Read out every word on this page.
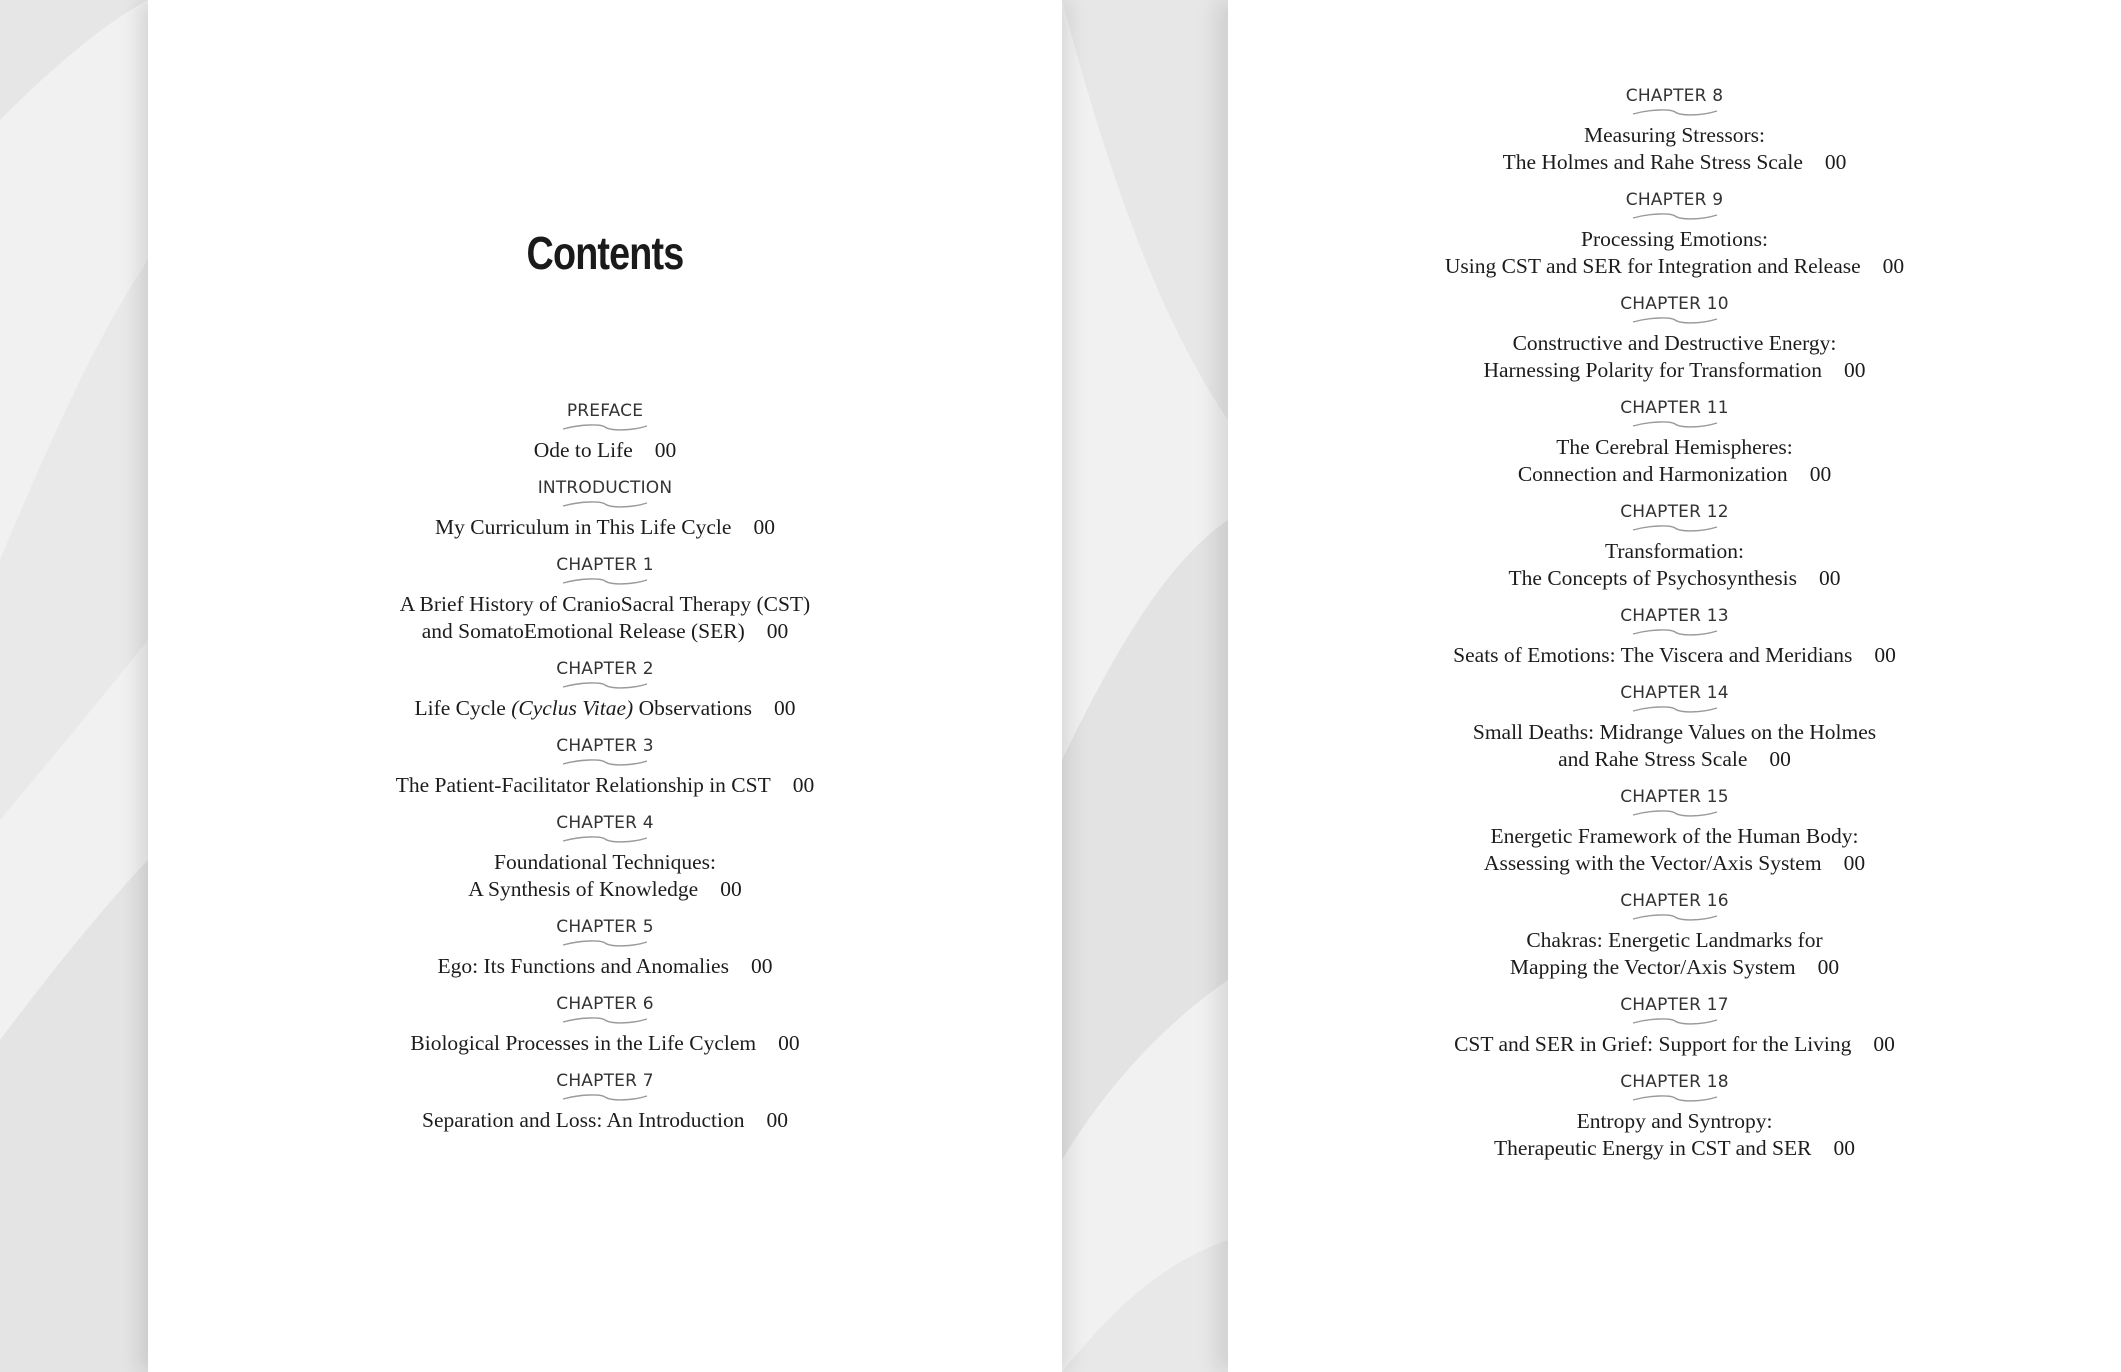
Contents
PREFACE
Ode to Life 00
INTRODUCTION
My Curriculum in This Life Cycle 00
CHAPTER 1
A Brief History of CranioSacral Therapy (CST)
and SomatoEmotional Release (SER) 00
CHAPTER 2
Life Cycle (Cyclus Vitae) Observations 00
CHAPTER 3
The Patient-Facilitator Relationship in CST 00
CHAPTER 4
Foundational Techniques:
A Synthesis of Knowledge 00
CHAPTER 5
Ego: Its Functions and Anomalies 00
CHAPTER 6
Biological Processes in the Life Cyclem 00
CHAPTER 7
Separation and Loss: An Introduction 00
CHAPTER 8
Measuring Stressors:
The Holmes and Rahe Stress Scale 00
CHAPTER 9
Processing Emotions:
Using CST and SER for Integration and Release 00
CHAPTER 10
Constructive and Destructive Energy:
Harnessing Polarity for Transformation 00
CHAPTER 11
The Cerebral Hemispheres:
Connection and Harmonization 00
CHAPTER 12
Transformation:
The Concepts of Psychosynthesis 00
CHAPTER 13
Seats of Emotions: The Viscera and Meridians 00
CHAPTER 14
Small Deaths: Midrange Values on the Holmes
and Rahe Stress Scale 00
CHAPTER 15
Energetic Framework of the Human Body:
Assessing with the Vector/Axis System 00
CHAPTER 16
Chakras: Energetic Landmarks for
Mapping the Vector/Axis System 00
CHAPTER 17
CST and SER in Grief: Support for the Living 00
CHAPTER 18
Entropy and Syntropy:
Therapeutic Energy in CST and SER 00
